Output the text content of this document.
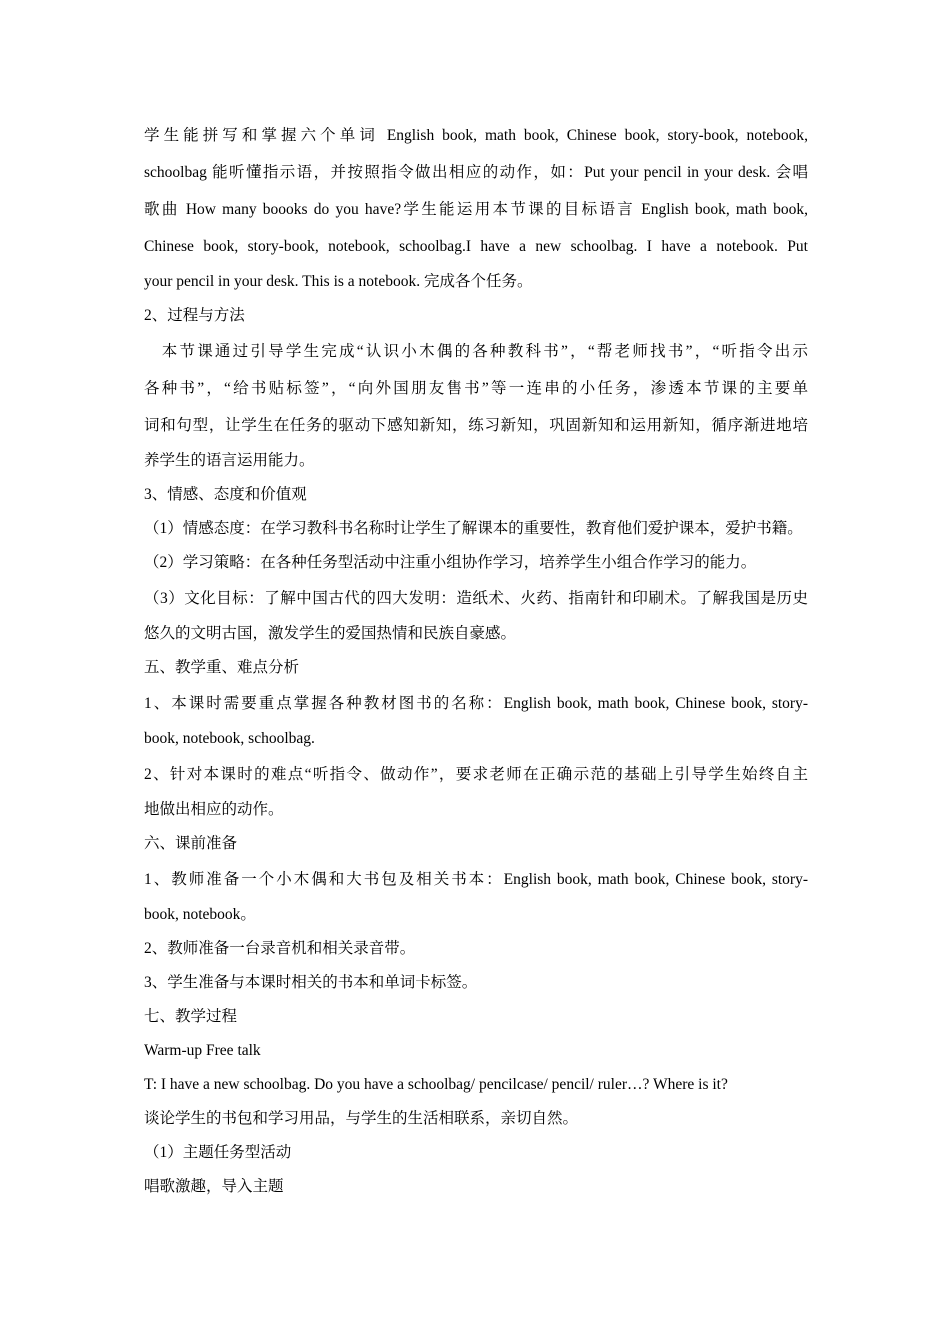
学生能拼写和掌握六个单词 English book, math book, Chinese book, story-book, notebook,
schoolbag 能听懂指示语，并按照指令做出相应的动作，如：Put your pencil in your desk. 会唱
歌曲 How many boooks do you have?学生能运用本节课的目标语言 English book, math book,
Chinese book, story-book, notebook, schoolbag.I have a new schoolbag. I have a notebook. Put
your pencil in your desk. This is a notebook. 完成各个任务。
2、过程与方法
　本节课通过引导学生完成“认识小木偶的各种教科书”，“帮老师找书”，“听指令出示
各种书”，“给书贴标签”，“向外国朋友售书”等一连串的小任务，渗透本节课的主要单
词和句型，让学生在任务的驱动下感知新知，练习新知，巩固新知和运用新知，循序渐进地培
养学生的语言运用能力。
3、情感、态度和价值观
（1）情感态度：在学习教科书名称时让学生了解课本的重要性，教育他们爱护课本，爱护书籍。
（2）学习策略：在各种任务型活动中注重小组协作学习，培养学生小组合作学习的能力。
（3）文化目标：了解中国古代的四大发明：造纸术、火药、指南针和印刷术。了解我国是历史
悠久的文明古国，激发学生的爱国热情和民族自豪感。
五、教学重、难点分析
1、本课时需要重点掌握各种教材图书的名称：English book, math book, Chinese book, story-
book, notebook, schoolbag.
2、针对本课时的难点“听指令、做动作”，要求老师在正确示范的基础上引导学生始终自主
地做出相应的动作。
六、课前准备
1、教师准备一个小木偶和大书包及相关书本：English book, math book, Chinese book, story-
book, notebook。
2、教师准备一台录音机和相关录音带。
3、学生准备与本课时相关的书本和单词卡标签。
七、教学过程
Warm-up Free talk
T: I have a new schoolbag. Do you have a schoolbag/ pencilcase/ pencil/ ruler…? Where is it?
谈论学生的书包和学习用品，与学生的生活相联系，亲切自然。
（1）主题任务型活动
唱歌激趣，导入主题
